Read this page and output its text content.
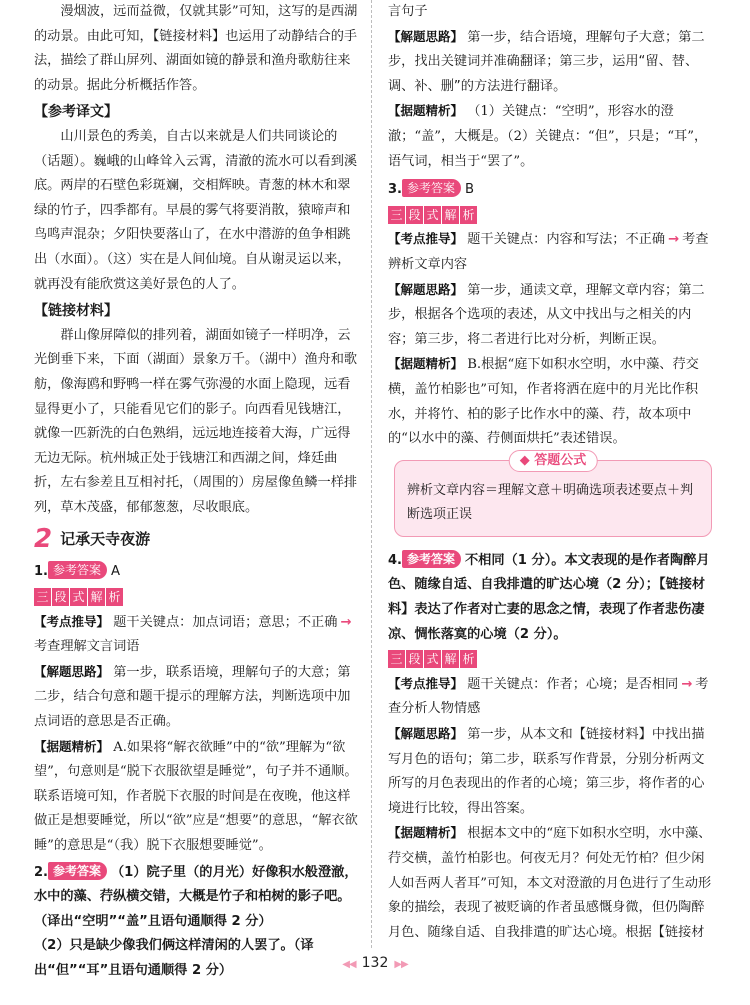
漫烟波，远而益微，仅就其影”可知，这写的是西湖的动景。由此可知，【链接材料】也运用了动静结合的手法，描绘了群山屏列、湖面如镜的静景和渔舟歌舫往来的动景。据此分析概括作答。

【参考译文】

山川景色的秀美，自古以来就是人们共同谈论的（话题）。巍峨的山峰耸入云霄，清澈的流水可以看到溪底。两岸的石壁色彩斑斓，交相辉映。青葱的林木和翠绿的竹子，四季都有。早晨的雾气将要消散，猿啼声和鸟鸣声混杂；夕阳快要落山了，在水中潜游的鱼争相跳出（水面）。（这）实在是人间仙境。自从谢灵运以来，就再没有能欣赏这美好景色的人了。

【链接材料】

群山像屏障似的排列着，湖面如镜子一样明净，云光倒垂下来，下面（湖面）景象万千。（湖中）渔舟和歌舫，像海鸥和野鸭一样在雾气弥漫的水面上隐现，远看显得更小了，只能看见它们的影子。向西看见钱塘江，就像一匹新洗的白色熟绢，远远地连接着大海，广远得无边无际。杭州城正处于钱塘江和西湖之间，烽廷曲折，左右参差且互相衬托，（周围的）房屋像鱼鳞一样排列，草木茂盛，郁郁葱葱，尽收眼底。

2 记承天寺夜游

1. 参考答案 A

三 段 式 解 析

【考点推导】 题干关键点：加点词语；意思；不正确 →考查理解文言词语

【解题思路】 第一步，联系语境，理解句子的大意；第二步，结合句意和题干提示的理解方法，判断选项中加点词语的意思是否正确。

【据题精析】 A.如果将“解衣欲睡”中的“欲”理解为“欲望”，句意则是“脱下衣服欲望是睡觉”，句子并不通顺。联系语境可知，作者脱下衣服的时间是在夜晚，他这样做正是想要睡觉，所以“欲”应是“想要”的意思，“解衣欲睡”的意思是“（我）脱下衣服想要睡觉”。

2. 参考答案 （1）院子里（的月光）好像积水般澄澈，水中的藻、荇纵横交错，大概是竹子和柏树的影子吧。（译出“空明”“盖”且语句通顺得 2 分）

（2）只是缺少像我们俩这样清闲的人罢了。（译出“但”“耳”且语句通顺得 2 分）

言句子

【解题思路】 第一步，结合语境，理解句子大意；第二步，找出关键词并准确翻译；第三步，运用“留、替、调、补、删”的方法进行翻译。

【据题精析】 （1）关键点：“空明”，形容水的澄澈；“盖”，大概是。（2）关键点：“但”，只是；“耳”，语气词，相当于“罢了”。

3. 参考答案 B

三 段 式 解 析

【考点推导】 题干关键点：内容和写法；不正确 → 考查辨析文章内容

【解题思路】 第一步，通读文章，理解文章内容；第二步，根据各个选项的表述，从文中找出与之相关的内容；第三步，将二者进行比对分析，判断正误。

【据题精析】 B.根据“庭下如积水空明，水中藻、荇交横，盖竹柏影也”可知，作者将洒在庭中的月光比作积水，并将竹、柏的影子比作水中的藻、荇，故本项中的“以水中的藻、荇侧面烘托”表述错误。

◆ 答题公式

辨析文章内容＝理解文意＋明确选项表述要点＋判断选项正误

4. 参考答案 不相同（1 分）。本文表现的是作者陶醉月色、随缘自适、自我排遣的旷达心境（2 分）；【链接材料】表达了作者对亡妻的思念之情，表现了作者悲伤凄凉、惆怅落寞的心境（2 分）。

三 段 式 解 析

【考点推导】 题干关键点：作者；心境；是否相同 → 考查分析人物情感

【解题思路】 第一步，从本文和【链接材料】中找出描写月色的语句；第二步，联系写作背景，分别分析两文所写的月色表现出的作者的心境；第三步，将作者的心境进行比较，得出答案。

【据题精析】 根据本文中的“庭下如积水空明，水中藻、荇交横，盖竹柏影也。何夜无月？何处无竹柏？但少闲人如吾两人者耳”可知，本文对澄澈的月色进行了生动形象的描绘，表现了被贬谪的作者虽感慨身微，但仍陶醉月色、随缘自适、自我排遣的旷达心境。根据【链接材

◀◀ 132 ▶▶
